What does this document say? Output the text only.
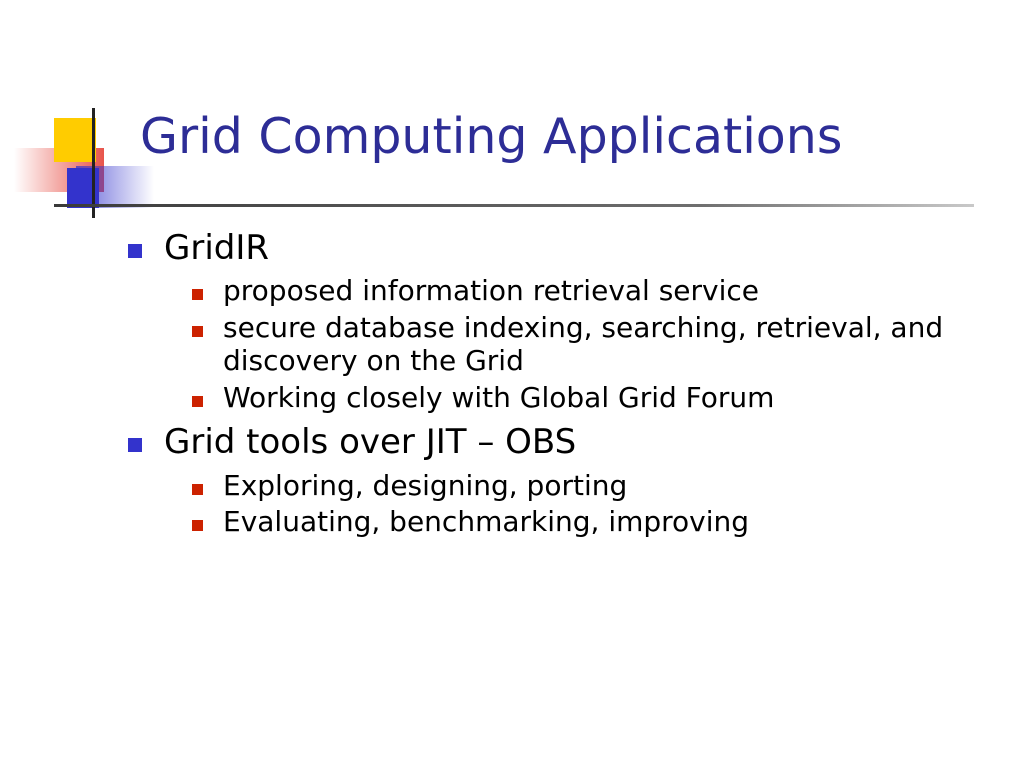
Grid Computing Applications
GridIR
proposed information retrieval service
secure database indexing, searching, retrieval, and discovery on the Grid
Working closely with Global Grid Forum
Grid tools over JIT – OBS
Exploring, designing, porting
Evaluating, benchmarking, improving
